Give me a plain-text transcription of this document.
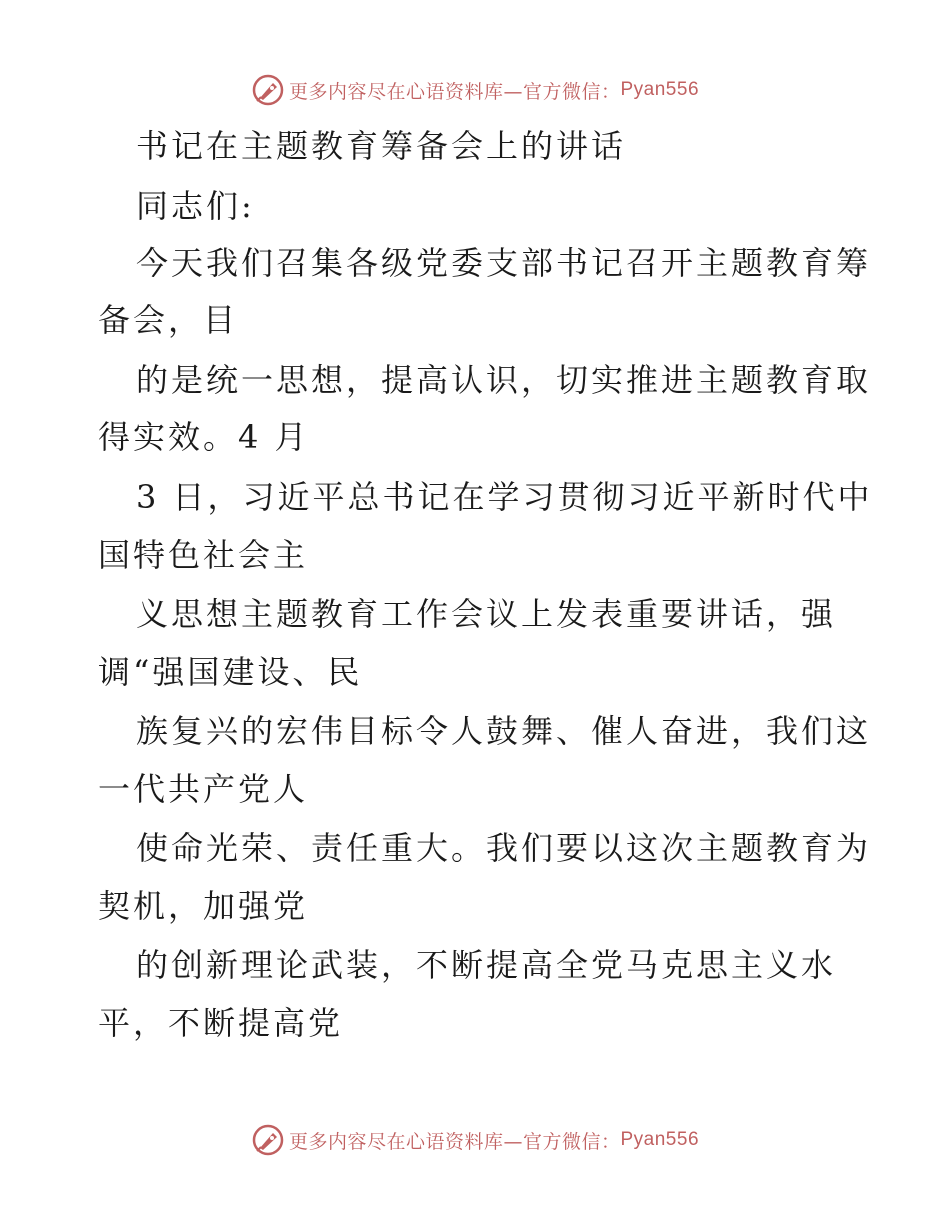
更多内容尽在心语资料库—官方微信： Pyan556
书记在主题教育筹备会上的讲话
同志们:
今天我们召集各级党委支部书记召开主题教育筹
备会，目
的是统一思想，提高认识，切实推进主题教育取
得实效。4 月
3 日，习近平总书记在学习贯彻习近平新时代中
国特色社会主
义思想主题教育工作会议上发表重要讲话，强
调“强国建设、民
族复兴的宏伟目标令人鼓舞、催人奋进，我们这
一代共产党人
使命光荣、责任重大。我们要以这次主题教育为
契机，加强党
的创新理论武装，不断提高全党马克思主义水
平，不断提高党
更多内容尽在心语资料库—官方微信： Pyan556
